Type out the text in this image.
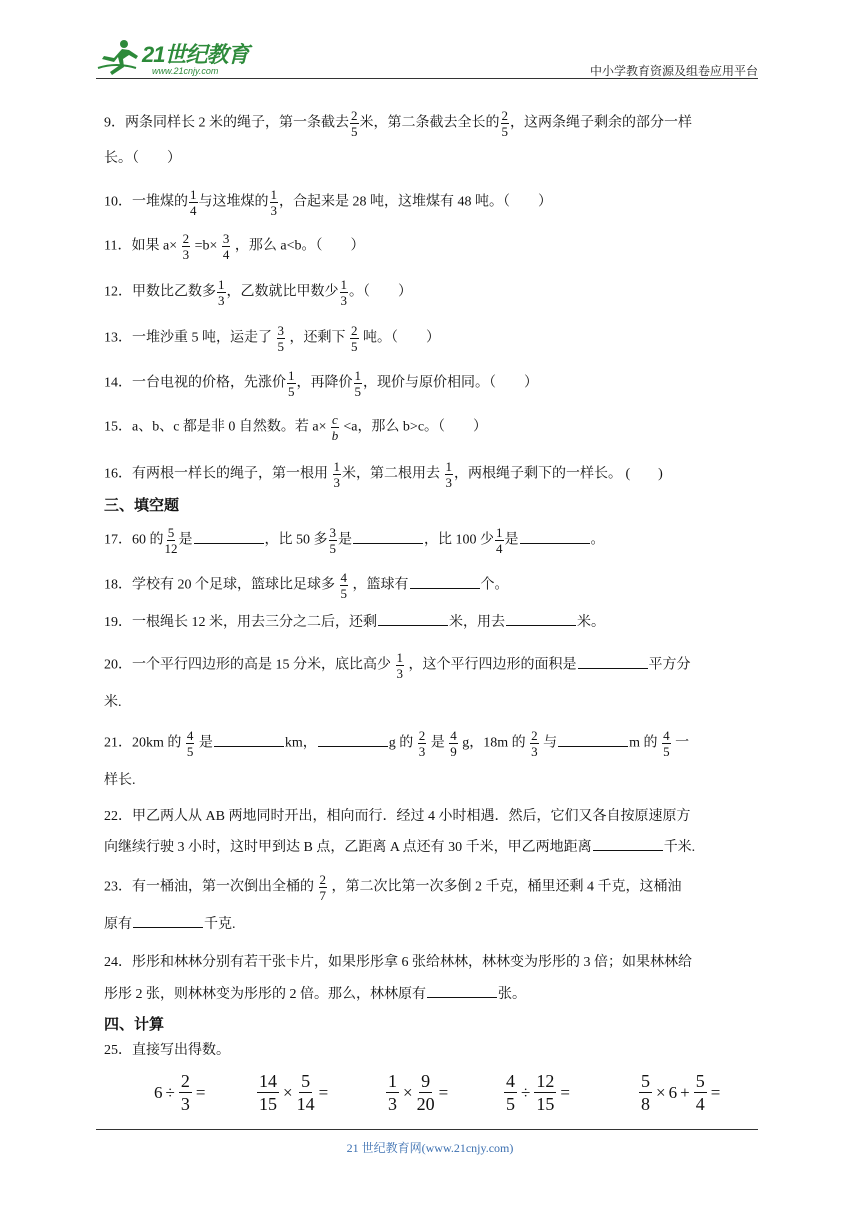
21世纪教育
www.21cnjy.com	中小学教育资源及组卷应用平台
9．两条同样长 2 米的绳子，第一条截去 $\frac{2}{5}$ 米，第二条截去全长的 $\frac{2}{5}$ ，这两条绳子剩余的部分一样
长。（　　）
10．一堆煤的 $\frac{1}{4}$ 与这堆煤的 $\frac{1}{3}$ ，合起来是 28 吨，这堆煤有 48 吨。（　　）
11．如果 $a\times \frac{2}{3} =b\times \frac{3}{4}$ ，那么 a<b。（　　）
12．甲数比乙数多 $\frac{1}{3}$ ，乙数就比甲数少 $\frac{1}{3}$ 。（　　）
13．一堆沙重 5 吨，运走了 $\frac{3}{5}$ ，还剩下 $\frac{2}{5}$ 吨。（　　）
14．一台电视的价格，先涨价 $\frac{1}{5}$ ，再降价 $\frac{1}{5}$ ，现价与原价相同。（　　）
15．a、b、c 都是非 0 自然数。若 $a\times \frac{c}{b} <a$，那么 b>c。（　　）
16．有两根一样长的绳子，第一根用 $\frac{1}{3}$ 米，第二根用去 $\frac{1}{3}$ ，两根绳子剩下的一样长。 (　　)
三、填空题
17．60 的 $\frac{5}{12}$ 是	，比 50 多 $\frac{3}{5}$ 是	，比 100 少 $\frac{1}{4}$ 是	。
18．学校有 20 个足球，篮球比足球多 $\frac{4}{5}$ ，篮球有	个。
19．一根绳长 12 米，用去三分之二后，还剩	米，用去	米。
20．一个平行四边形的高是 15 分米，底比高少 $\frac{1}{3}$ ，这个平行四边形的面积是	平方分
米.
21．20km 的 $\frac{4}{5}$ 是	km，	g 的 $\frac{2}{3}$ 是 $\frac{4}{9}$ g，18m 的 $\frac{2}{3}$ 与	m 的 $\frac{4}{5}$ 一
样长.
22．甲乙两人从 AB 两地同时开出，相向而行．经过 4 小时相遇．然后，它们又各自按原速原方
向继续行驶 3 小时，这时甲到达 B 点，乙距离 A 点还有 30 千米，甲乙两地距离	千米.
23．有一桶油，第一次倒出全桶的 $\frac{2}{7}$ ，第二次比第一次多倒 2 千克，桶里还剩 4 千克，这桶油
原有	千克.
24．彤彤和林林分别有若干张卡片，如果彤彤拿 6 张给林林，林林变为彤彤的 3 倍；如果林林给
彤彤 2 张，则林林变为彤彤的 2 倍。那么，林林原有	张。
四、计算
25．直接写出得数。
$6 \div \frac{2}{3}$ =	$\frac{14}{15} \times \frac{5}{14}$ =	$\frac{1}{3} \times \frac{9}{20}$ =	$\frac{4}{5} \div \frac{12}{15}$ =	$\frac{5}{8} \times 6 + \frac{5}{4}$ =
21 世纪教育网(www.21cnjy.com)
